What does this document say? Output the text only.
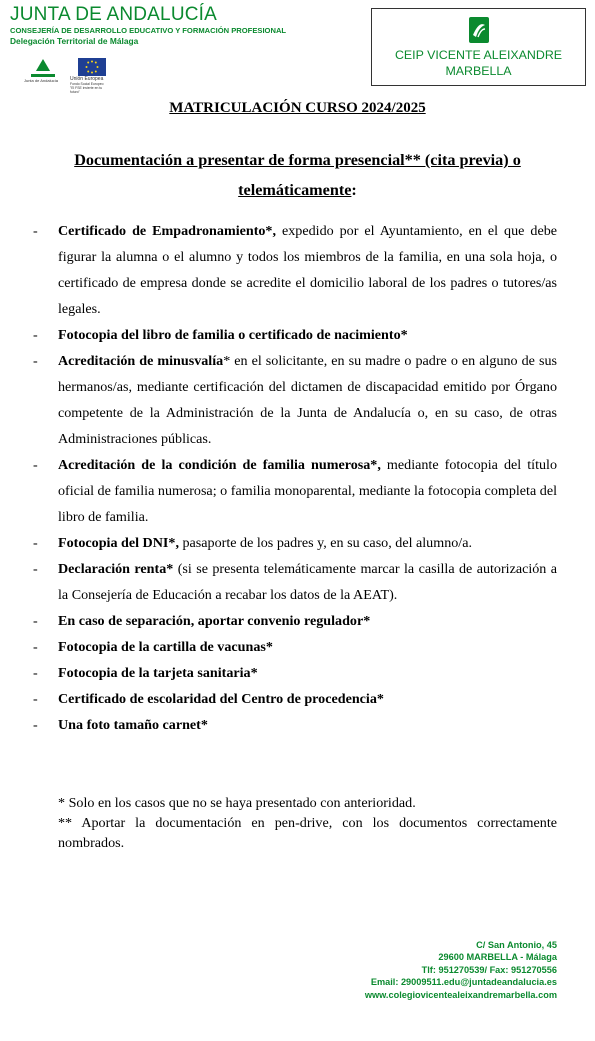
JUNTA DE ANDALUCÍA
CONSEJERÍA DE DESARROLLO EDUCATIVO Y FORMACIÓN PROFESIONAL
Delegación Territorial de Málaga
Junta de Andalucía	Unión Europea
Fondo Social Europeo
"El FSE invierte en tu futuro"
CEIP VICENTE ALEIXANDRE
MARBELLA
MATRICULACIÓN CURSO 2024/2025
Documentación a presentar de forma presencial** (cita previa) o
telemáticamente:
- Certificado de Empadronamiento*, expedido por el Ayuntamiento, en el que debe figurar la alumna o el alumno y todos los miembros de la familia, en una sola hoja, o certificado de empresa donde se acredite el domicilio laboral de los padres o tutores/as legales.
- Fotocopia del libro de familia o certificado de nacimiento*
- Acreditación de minusvalía* en el solicitante, en su madre o padre o en alguno de sus hermanos/as, mediante certificación del dictamen de discapacidad emitido por Órgano competente de la Administración de la Junta de Andalucía o, en su caso, de otras Administraciones públicas.
- Acreditación de la condición de familia numerosa*, mediante fotocopia del título oficial de familia numerosa; o familia monoparental, mediante la fotocopia completa del libro de familia.
- Fotocopia del DNI*, pasaporte de los padres y, en su caso, del alumno/a.
- Declaración renta* (si se presenta telemáticamente marcar la casilla de autorización a la Consejería de Educación a recabar los datos de la AEAT).
- En caso de separación, aportar convenio regulador*
- Fotocopia de la cartilla de vacunas*
- Fotocopia de la tarjeta sanitaria*
- Certificado de escolaridad del Centro de procedencia*
- Una foto tamaño carnet*
* Solo en los casos que no se haya presentado con anterioridad.
** Aportar la documentación en pen-drive, con los documentos correctamente nombrados.
C/ San Antonio, 45
29600 MARBELLA - Málaga
Tlf: 951270539/ Fax: 951270556
Email: 29009511.edu@juntadeandalucia.es
www.colegiovicentealeixandremarbella.com
